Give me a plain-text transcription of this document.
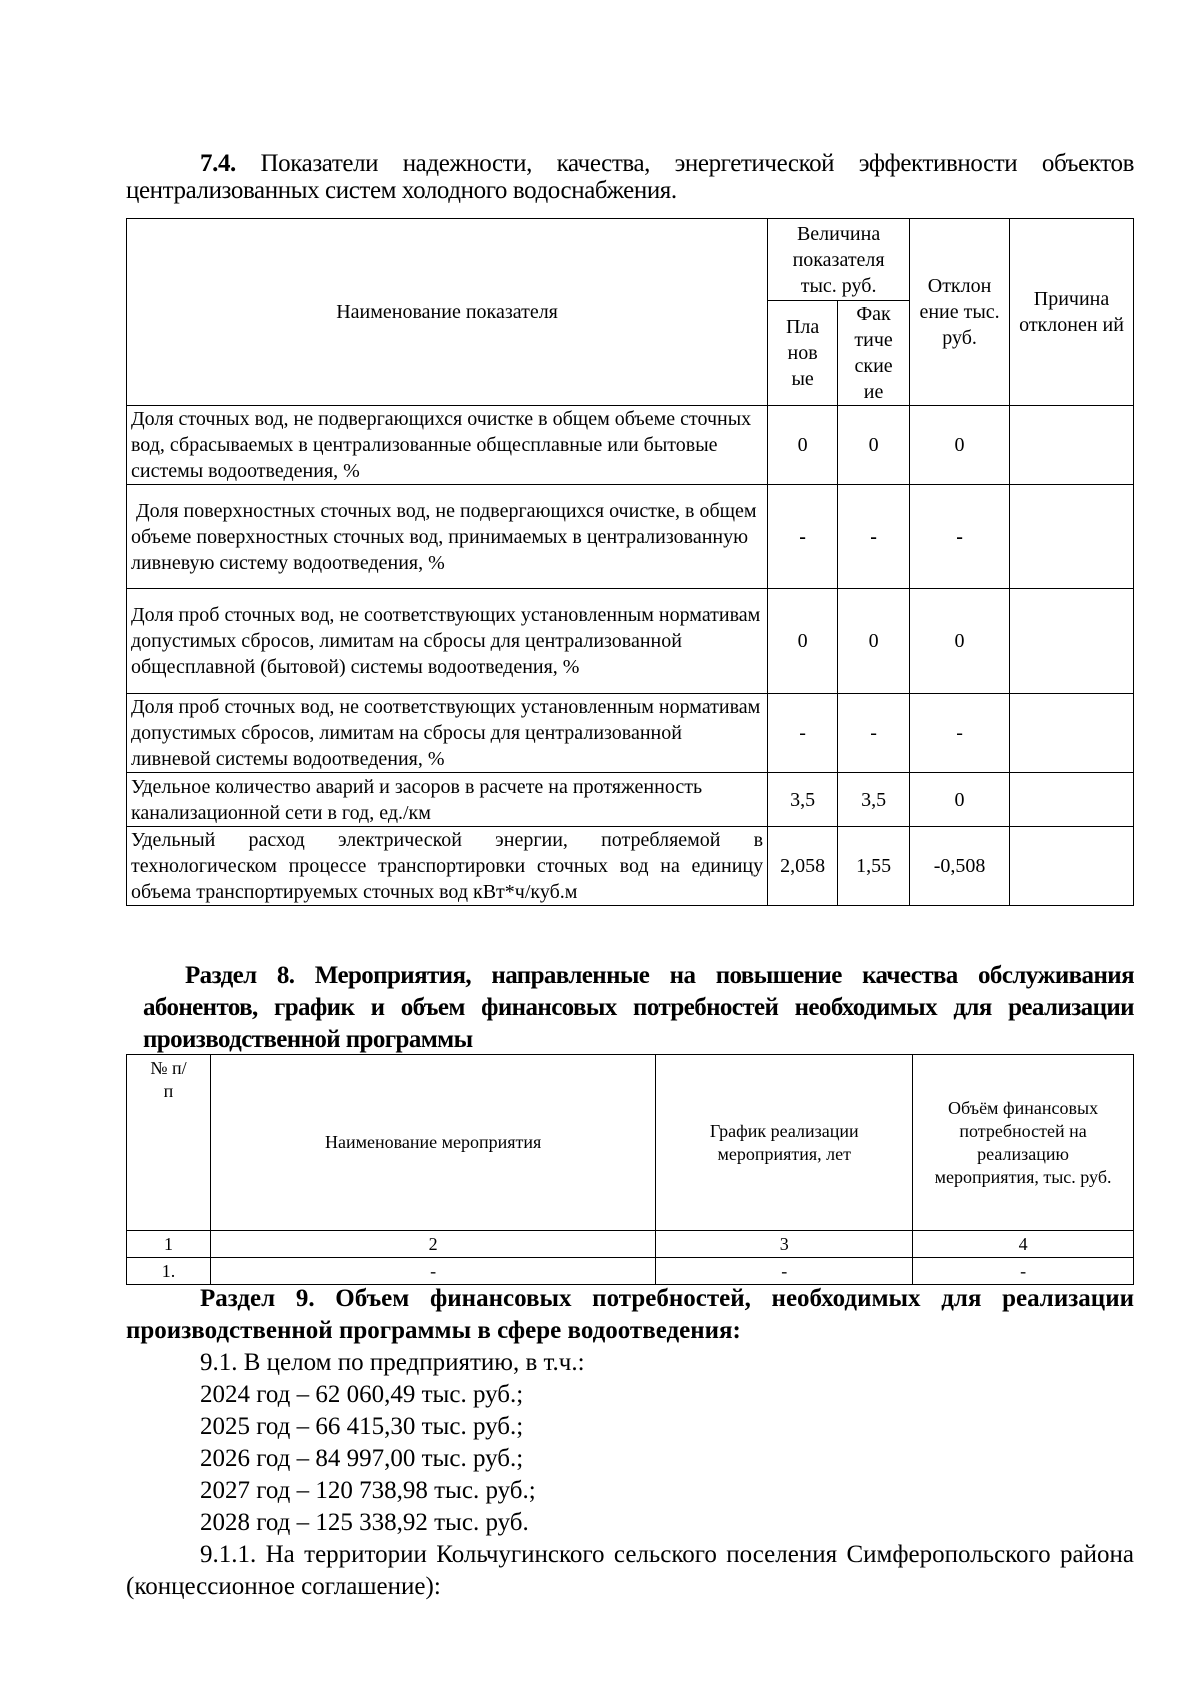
7.4. Показатели надежности, качества, энергетической эффективности объектов централизованных систем холодного водоснабжения.
Наименование показателя	Величина показателя тыс. руб.		Отклон ение тыс. руб.	Причина отклонен ий
	Пла нов ые	Фак тиче ские ие		
Доля сточных вод, не подвергающихся очистке в общем объеме сточных вод, сбрасываемых в централизованные общесплавные или бытовые системы водоотведения, %	0	0	0	
Доля поверхностных сточных вод, не подвергающихся очистке, в общем объеме поверхностных сточных вод, принимаемых в централизованную ливневую систему водоотведения, %	-	-	-	
Доля проб сточных вод, не соответствующих установленным нормативам допустимых сбросов, лимитам на сбросы для централизованной общесплавной (бытовой) системы водоотведения, %	0	0	0	
Доля проб сточных вод, не соответствующих установленным нормативам допустимых сбросов, лимитам на сбросы для централизованной ливневой системы водоотведения, %	-	-	-	
Удельное количество аварий и засоров в расчете на протяженность канализационной сети в год, ед./км	3,5	3,5	0	
Удельный расход электрической энергии, потребляемой в технологическом процессе транспортировки сточных вод на единицу объема транспортируемых сточных вод кВт*ч/куб.м	2,058	1,55	-0,508	
Раздел 8. Мероприятия, направленные на повышение качества обслуживания абонентов, график и объем финансовых потребностей необходимых для реализации производственной программы
№ п/п	Наименование мероприятия	График реализации мероприятия, лет	Объём финансовых потребностей на реализацию мероприятия, тыс. руб.
1	2	3	4
1.	-	-	-
Раздел 9. Объем финансовых потребностей, необходимых для реализации производственной программы в сфере водоотведения:
9.1. В целом по предприятию, в т.ч.:
2024 год – 62 060,49 тыс. руб.;
2025 год – 66 415,30 тыс. руб.;
2026 год – 84 997,00 тыс. руб.;
2027 год – 120 738,98 тыс. руб.;
2028 год – 125 338,92 тыс. руб.
9.1.1. На территории Кольчугинского сельского поселения Симферопольского района (концессионное соглашение):
